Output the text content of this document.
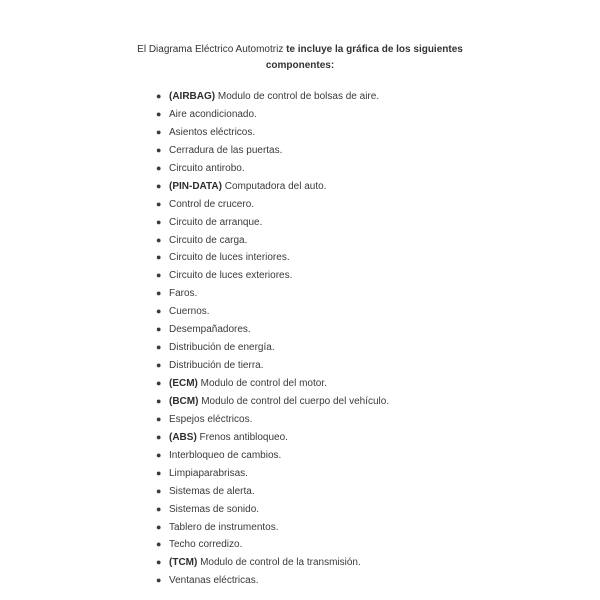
El Diagrama Eléctrico Automotriz te incluye la gráfica de los siguientes componentes:
● (AIRBAG) Modulo de control de bolsas de aire.
● Aire acondicionado.
● Asientos eléctricos.
● Cerradura de las puertas.
● Circuito antirobo.
● (PIN-DATA) Computadora del auto.
● Control de crucero.
● Circuito de arranque.
● Circuito de carga.
● Circuito de luces interiores.
● Circuito de luces exteriores.
● Faros.
● Cuernos.
● Desempañadores.
● Distribución de energía.
● Distribución de tierra.
● (ECM) Modulo de control del motor.
● (BCM) Modulo de control del cuerpo del vehículo.
● Espejos eléctricos.
● (ABS) Frenos antibloqueo.
● Interbloqueo de cambios.
● Limpiaparabrisas.
● Sistemas de alerta.
● Sistemas de sonido.
● Tablero de instrumentos.
● Techo corredizo.
● (TCM) Modulo de control de la transmisión.
● Ventanas eléctricas.
